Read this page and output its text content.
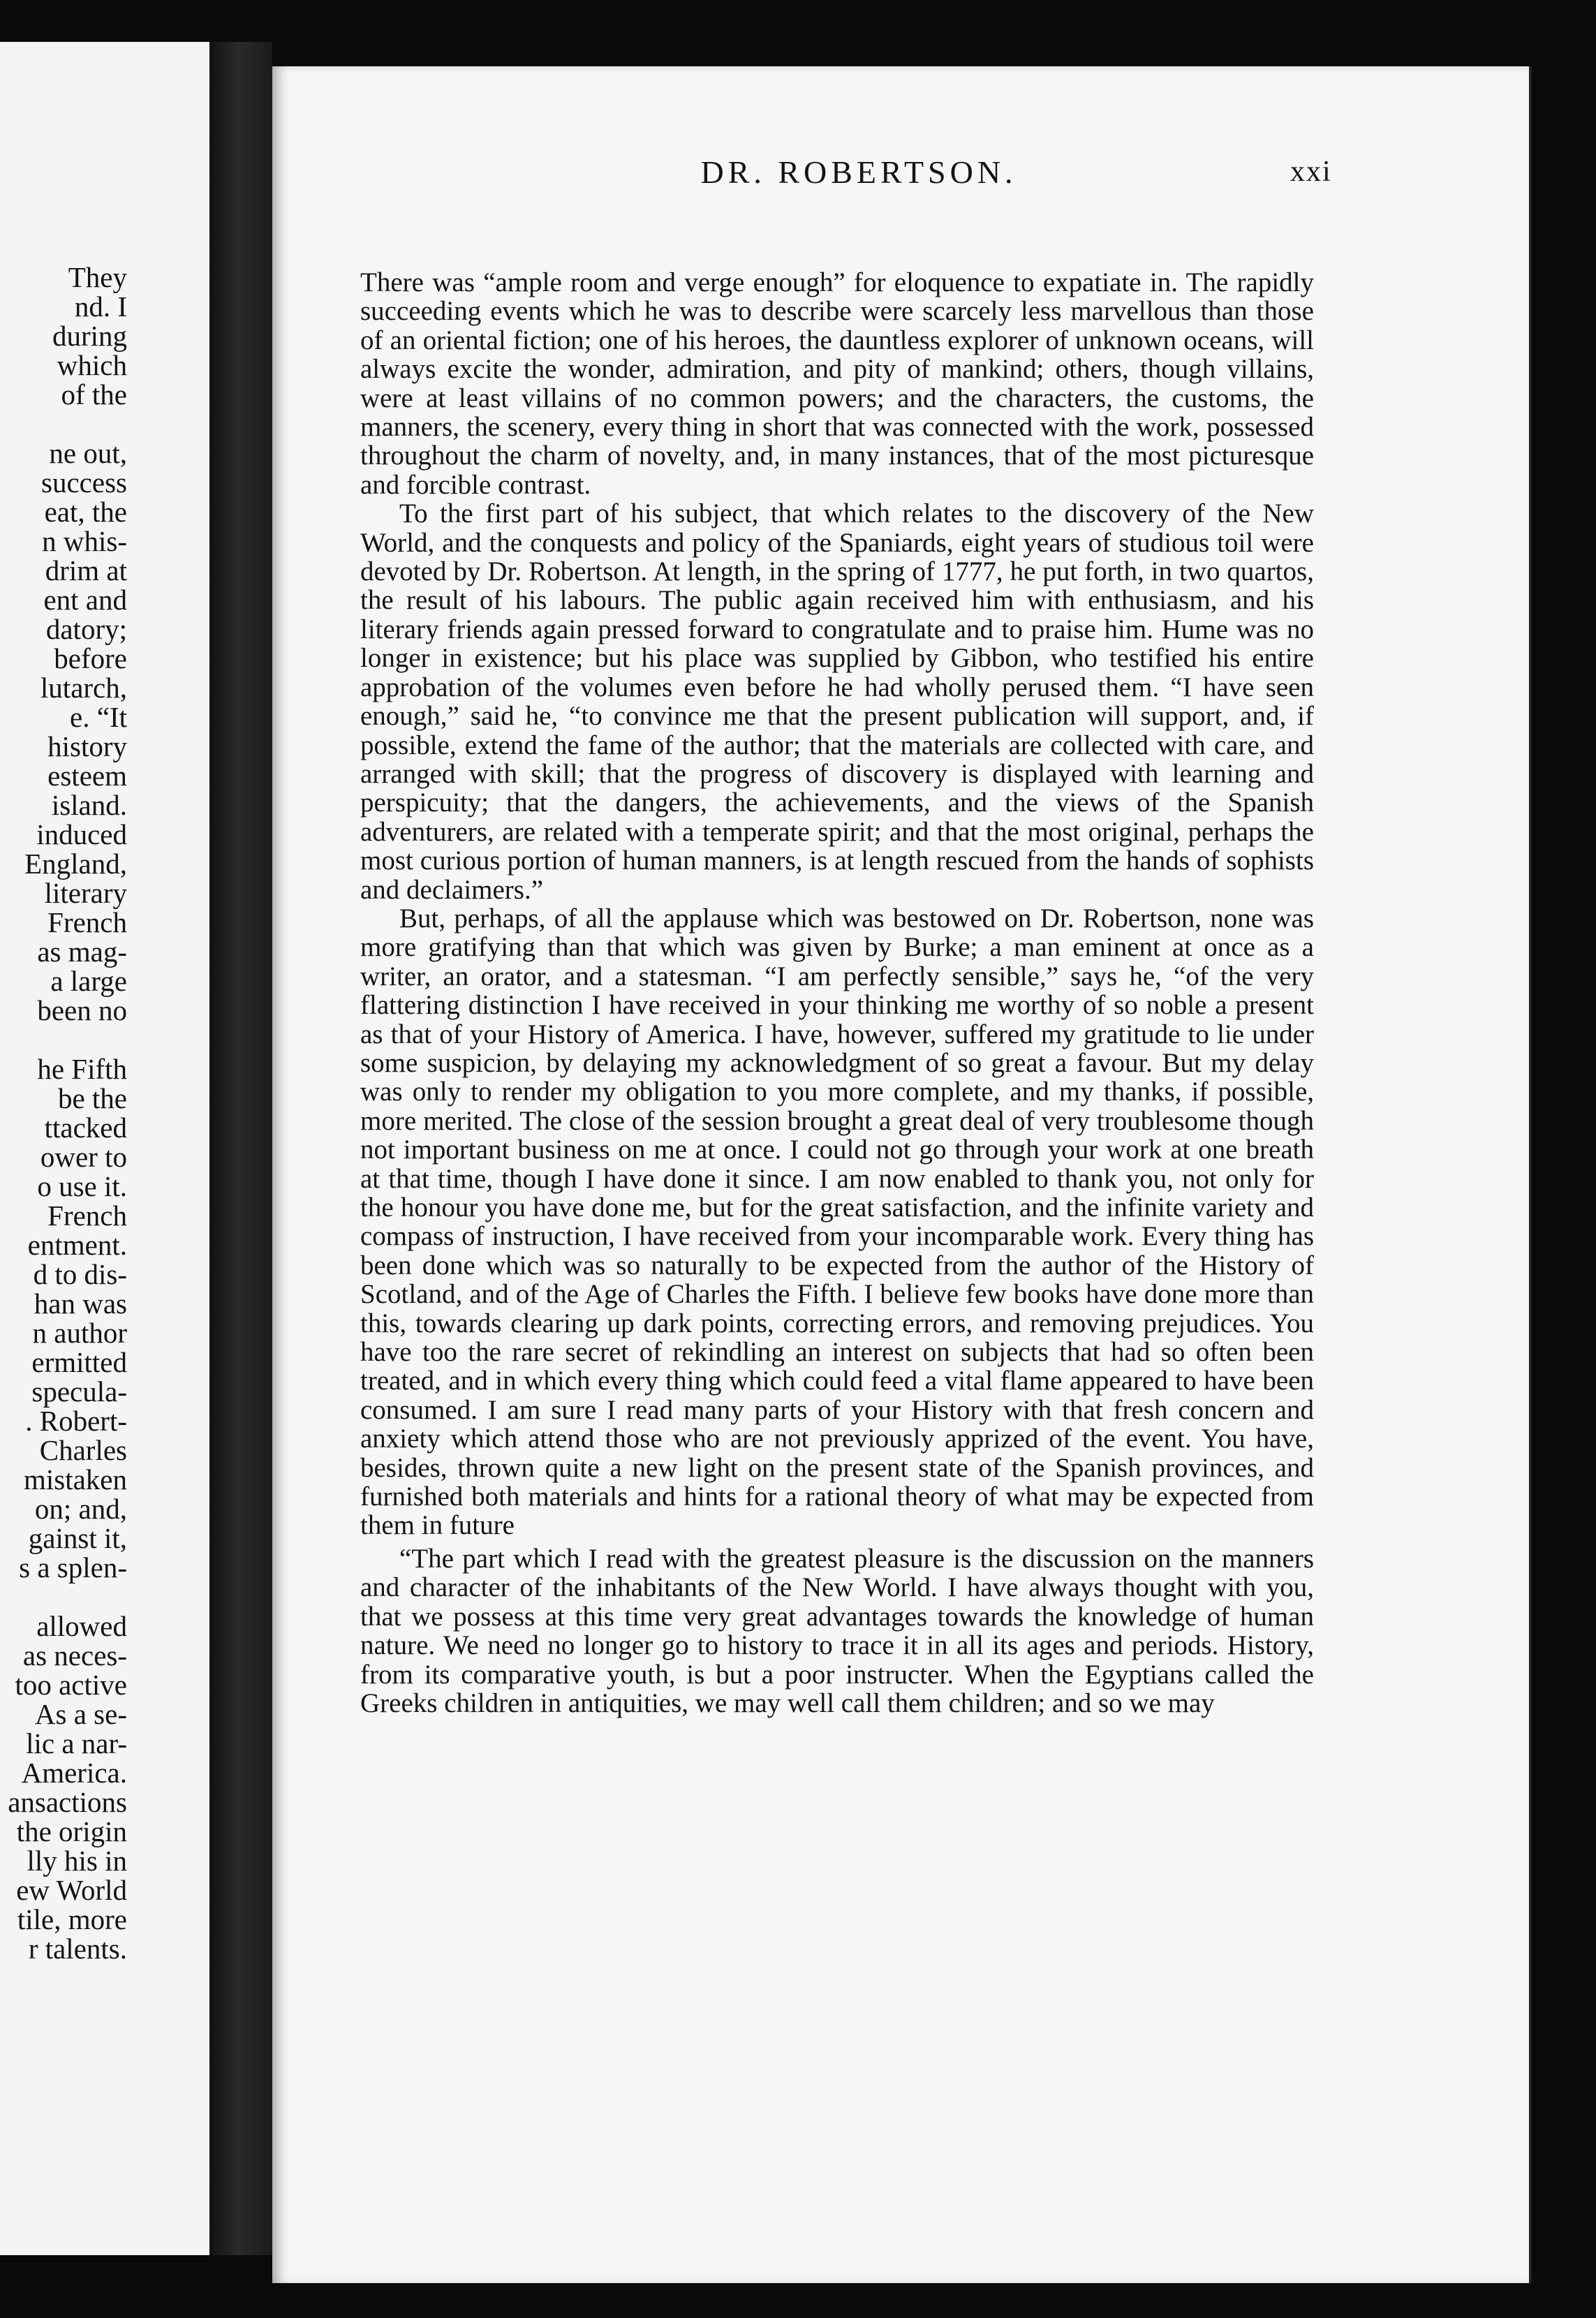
They
nd. I
during
which
of the
ne out,
success
eat, the
n whis-
drim at
ent and
datory;
before
lutarch,
e. “It
history
esteem
island.
induced
England,
literary
French
as mag-
a large
been no
he Fifth
be the
ttacked
ower to
o use it.
French
entment.
d to dis-
han was
n author
ermitted
specula-
. Robert-
Charles
mistaken
on; and,
gainst it,
s a splen-
allowed
as neces-
too active
As a se-
lic a nar-
America.
ansactions
the origin
lly his in
ew World
tile, more
r talents.
DR. ROBERTSON.	xxi

There was “ample room and verge enough” for eloquence to expatiate in. The rapidly succeeding events which he was to describe were scarcely less marvellous than those of an oriental fiction; one of his heroes, the dauntless explorer of unknown oceans, will always excite the wonder, admiration, and pity of mankind; others, though villains, were at least villains of no common powers; and the characters, the customs, the manners, the scenery, every thing in short that was connected with the work, possessed throughout the charm of novelty, and, in many instances, that of the most picturesque and forcible contrast.

To the first part of his subject, that which relates to the discovery of the New World, and the conquests and policy of the Spaniards, eight years of studious toil were devoted by Dr. Robertson. At length, in the spring of 1777, he put forth, in two quartos, the result of his labours. The public again received him with enthusiasm, and his literary friends again pressed forward to congratulate and to praise him. Hume was no longer in existence; but his place was supplied by Gibbon, who testified his entire approbation of the volumes even before he had wholly perused them. “I have seen enough,” said he, “to convince me that the present publication will support, and, if possible, extend the fame of the author; that the materials are collected with care, and arranged with skill; that the progress of discovery is displayed with learning and perspicuity; that the dangers, the achievements, and the views of the Spanish adventurers, are related with a temperate spirit; and that the most original, perhaps the most curious portion of human manners, is at length rescued from the hands of sophists and declaimers.”

But, perhaps, of all the applause which was bestowed on Dr. Robertson, none was more gratifying than that which was given by Burke; a man eminent at once as a writer, an orator, and a statesman. “I am perfectly sensible,” says he, “of the very flattering distinction I have received in your thinking me worthy of so noble a present as that of your History of America. I have, however, suffered my gratitude to lie under some suspicion, by delaying my acknowledgment of so great a favour. But my delay was only to render my obligation to you more complete, and my thanks, if possible, more merited. The close of the session brought a great deal of very troublesome though not important business on me at once. I could not go through your work at one breath at that time, though I have done it since. I am now enabled to thank you, not only for the honour you have done me, but for the great satisfaction, and the infinite variety and compass of instruction, I have received from your incomparable work. Every thing has been done which was so naturally to be expected from the author of the History of Scotland, and of the Age of Charles the Fifth. I believe few books have done more than this, towards clearing up dark points, correcting errors, and removing prejudices. You have too the rare secret of rekindling an interest on subjects that had so often been treated, and in which every thing which could feed a vital flame appeared to have been consumed. I am sure I read many parts of your History with that fresh concern and anxiety which attend those who are not previously apprized of the event. You have, besides, thrown quite a new light on the present state of the Spanish provinces, and furnished both materials and hints for a rational theory of what may be expected from them in future

“The part which I read with the greatest pleasure is the discussion on the manners and character of the inhabitants of the New World. I have always thought with you, that we possess at this time very great advantages towards the knowledge of human nature. We need no longer go to history to trace it in all its ages and periods. History, from its comparative youth, is but a poor instructer. When the Egyptians called the Greeks children in antiquities, we may well call them children; and so we may
